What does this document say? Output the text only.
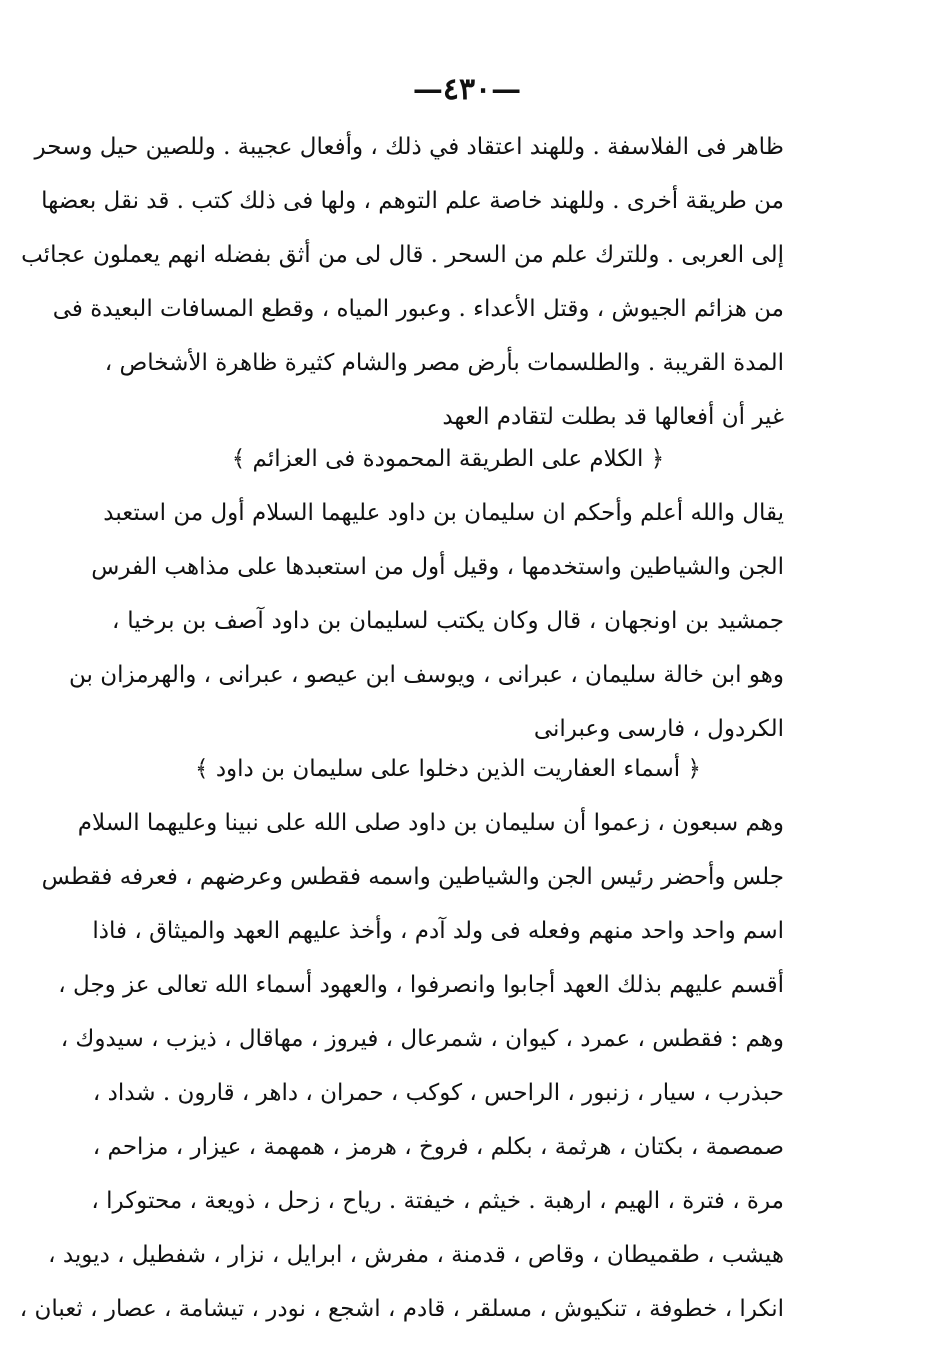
—٤٣٠—
ظاهر فى الفلاسفة . وللهند اعتقاد في ذلك ، وأفعال عجيبة . وللصين حيل وسحر
من طريقة أخرى . وللهند خاصة علم التوهم ، ولها فى ذلك كتب . قد نقل بعضها
إلى العربى . وللترك علم من السحر . قال لى من أثق بفضله انهم يعملون عجائب
من هزائم الجيوش ، وقتل الأعداء . وعبور المياه ، وقطع المسافات البعيدة فى
المدة القريبة . والطلسمات بأرض مصر والشام كثيرة ظاهرة الأشخاص ،
غير أن أفعالها قد بطلت لتقادم العهد
﴿ الكلام على الطريقة المحمودة فى العزائم ﴾
يقال والله أعلم وأحكم ان سليمان بن داود عليهما السلام أول من استعبد
الجن والشياطين واستخدمها ، وقيل أول من استعبدها على مذاهب الفرس
جمشيد بن اونجهان ، قال وكان يكتب لسليمان بن داود آصف بن برخيا ،
وهو ابن خالة سليمان ، عبرانى ، ويوسف ابن عيصو ، عبرانى ، والهرمزان بن
الكردول ، فارسى وعبرانى
﴿ أسماء العفاريت الذين دخلوا على سليمان بن داود ﴾
وهم سبعون ، زعموا أن سليمان بن داود صلى الله على نبينا وعليهما السلام
جلس وأحضر رئيس الجن والشياطين واسمه فقطس وعرضهم ، فعرفه فقطس
اسم واحد واحد منهم وفعله فى ولد آدم ، وأخذ عليهم العهد والميثاق ، فاذا
أقسم عليهم بذلك العهد أجابوا وانصرفوا ، والعهود أسماء الله تعالى عز وجل ،
وهم : فقطس ، عمرد ، كيوان ، شمرعال ، فيروز ، مهاقال ، ذيزب ، سيدوك ،
حبذرب ، سيار ، زنبور ، الراحس ، كوكب ، حمران ، داهر ، قارون . شداد ،
صمصمة ، بكتان ، هرثمة ، بكلم ، فروخ ، هرمز ، همهمة ، عيزار ، مزاحم ،
مرة ، فترة ، الهيم ، ارهبة . خيثم ، خيفتة . رياح ، زحل ، ذويعة ، محتوكرا ،
هيشب ، طقميطان ، وقاص ، قدمنة ، مفرش ، ابرايل ، نزار ، شفطيل ، ديويد ،
انكرا ، خطوفة ، تنكيوش ، مسلقر ، قادم ، اشجع ، نودر ، تيشامة ، عصار ، ثعبان ،
